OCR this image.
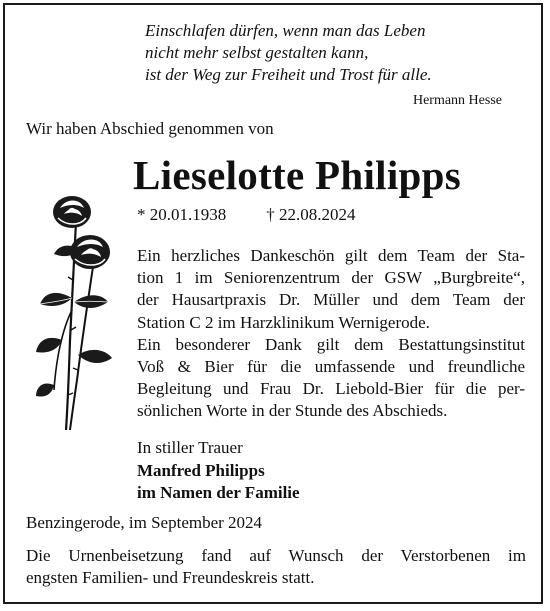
Einschlafen dürfen, wenn man das Leben
nicht mehr selbst gestalten kann,
ist der Weg zur Freiheit und Trost für alle.
Hermann Hesse
Wir haben Abschied genommen von
Lieselotte Philipps
* 20.01.1938 † 22.08.2024

Ein herzliches Dankeschön gilt dem Team der Sta-
tion 1 im Seniorenzentrum der GSW „Burgbreite“,
der Hausartpraxis Dr. Müller und dem Team der
Station C 2 im Harzklinikum Wernigerode.

Ein besonderer Dank gilt dem Bestattungsinstitut
Voß & Bier für die umfassende und freundliche
Begleitung und Frau Dr. Liebold-Bier für die per-
sönlichen Worte in der Stunde des Abschieds.

In stiller Trauer
Manfred Philipps
im Namen der Familie
Benzingerode, im September 2024
Die Urnenbeisetzung fand auf Wunsch der Verstorbenen im
engsten Familien- und Freundeskreis statt.
